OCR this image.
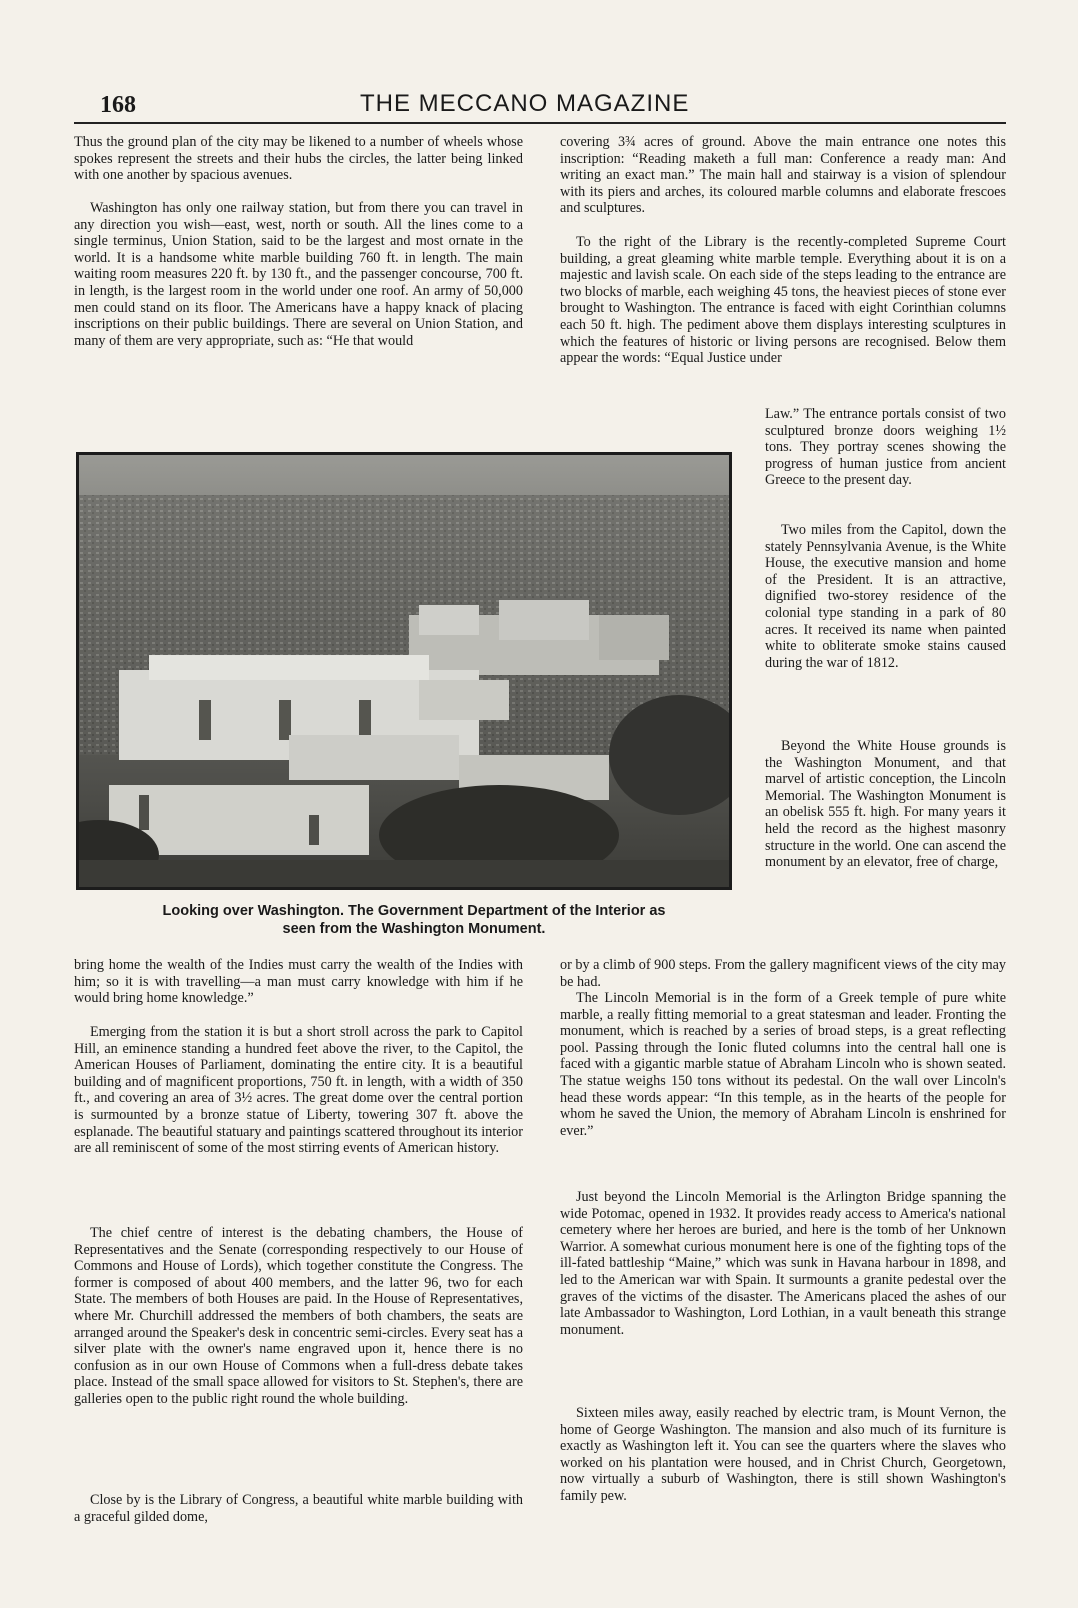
168	THE MECCANO MAGAZINE

Thus the ground plan of the city may be likened to a number of wheels whose spokes represent the streets and their hubs the circles, the latter being linked with one another by spacious avenues.

Washington has only one railway station, but from there you can travel in any direction you wish—east, west, north or south. All the lines come to a single terminus, Union Station, said to be the largest and most ornate in the world. It is a handsome white marble building 760 ft. in length. The main waiting room measures 220 ft. by 130 ft., and the passenger concourse, 700 ft. in length, is the largest room in the world under one roof. An army of 50,000 men could stand on its floor. The Americans have a happy knack of placing inscriptions on their public buildings. There are several on Union Station, and many of them are very appropriate, such as: “He that would

covering 3¾ acres of ground. Above the main entrance one notes this inscription: “Reading maketh a full man: Conference a ready man: And writing an exact man.” The main hall and stairway is a vision of splendour with its piers and arches, its coloured marble columns and elaborate frescoes and sculptures.

To the right of the Library is the recently-completed Supreme Court building, a great gleaming white marble temple. Everything about it is on a majestic and lavish scale. On each side of the steps leading to the entrance are two blocks of marble, each weighing 45 tons, the heaviest pieces of stone ever brought to Washington. The entrance is faced with eight Corinthian columns each 50 ft. high. The pediment above them displays interesting sculptures in which the features of historic or living persons are recognised. Below them appear the words: “Equal Justice under

Law.” The entrance portals consist of two sculptured bronze doors weighing 1½ tons. They portray scenes showing the progress of human justice from ancient Greece to the present day.

Two miles from the Capitol, down the stately Pennsylvania Avenue, is the White House, the executive mansion and home of the President. It is an attractive, dignified two-storey residence of the colonial type standing in a park of 80 acres. It received its name when painted white to obliterate smoke stains caused during the war of 1812.

Beyond the White House grounds is the Washington Monument, and that marvel of artistic conception, the Lincoln Memorial. The Washington Monument is an obelisk 555 ft. high. For many years it held the record as the highest masonry structure in the world. One can ascend the monument by an elevator, free of charge,

Looking over Washington. The Government Department of the Interior as
seen from the Washington Monument.

bring home the wealth of the Indies must carry the wealth of the Indies with him; so it is with travelling—a man must carry knowledge with him if he would bring home knowledge.”

Emerging from the station it is but a short stroll across the park to Capitol Hill, an eminence standing a hundred feet above the river, to the Capitol, the American Houses of Parliament, dominating the entire city. It is a beautiful building and of magnificent proportions, 750 ft. in length, with a width of 350 ft., and covering an area of 3½ acres. The great dome over the central portion is surmounted by a bronze statue of Liberty, towering 307 ft. above the esplanade. The beautiful statuary and paintings scattered throughout its interior are all reminiscent of some of the most stirring events of American history.

The chief centre of interest is the debating chambers, the House of Representatives and the Senate (corresponding respectively to our House of Commons and House of Lords), which together constitute the Congress. The former is composed of about 400 members, and the latter 96, two for each State. The members of both Houses are paid. In the House of Representatives, where Mr. Churchill addressed the members of both chambers, the seats are arranged around the Speaker's desk in concentric semi-circles. Every seat has a silver plate with the owner's name engraved upon it, hence there is no confusion as in our own House of Commons when a full-dress debate takes place. Instead of the small space allowed for visitors to St. Stephen's, there are galleries open to the public right round the whole building.

Close by is the Library of Congress, a beautiful white marble building with a graceful gilded dome,

or by a climb of 900 steps. From the gallery magnificent views of the city may be had.

The Lincoln Memorial is in the form of a Greek temple of pure white marble, a really fitting memorial to a great statesman and leader. Fronting the monument, which is reached by a series of broad steps, is a great reflecting pool. Passing through the Ionic fluted columns into the central hall one is faced with a gigantic marble statue of Abraham Lincoln who is shown seated. The statue weighs 150 tons without its pedestal. On the wall over Lincoln's head these words appear: “In this temple, as in the hearts of the people for whom he saved the Union, the memory of Abraham Lincoln is enshrined for ever.”

Just beyond the Lincoln Memorial is the Arlington Bridge spanning the wide Potomac, opened in 1932. It provides ready access to America's national cemetery where her heroes are buried, and here is the tomb of her Unknown Warrior. A somewhat curious monument here is one of the fighting tops of the ill-fated battleship “Maine,” which was sunk in Havana harbour in 1898, and led to the American war with Spain. It surmounts a granite pedestal over the graves of the victims of the disaster. The Americans placed the ashes of our late Ambassador to Washington, Lord Lothian, in a vault beneath this strange monument.

Sixteen miles away, easily reached by electric tram, is Mount Vernon, the home of George Washington. The mansion and also much of its furniture is exactly as Washington left it. You can see the quarters where the slaves who worked on his plantation were housed, and in Christ Church, Georgetown, now virtually a suburb of Washington, there is still shown Washington's family pew.
